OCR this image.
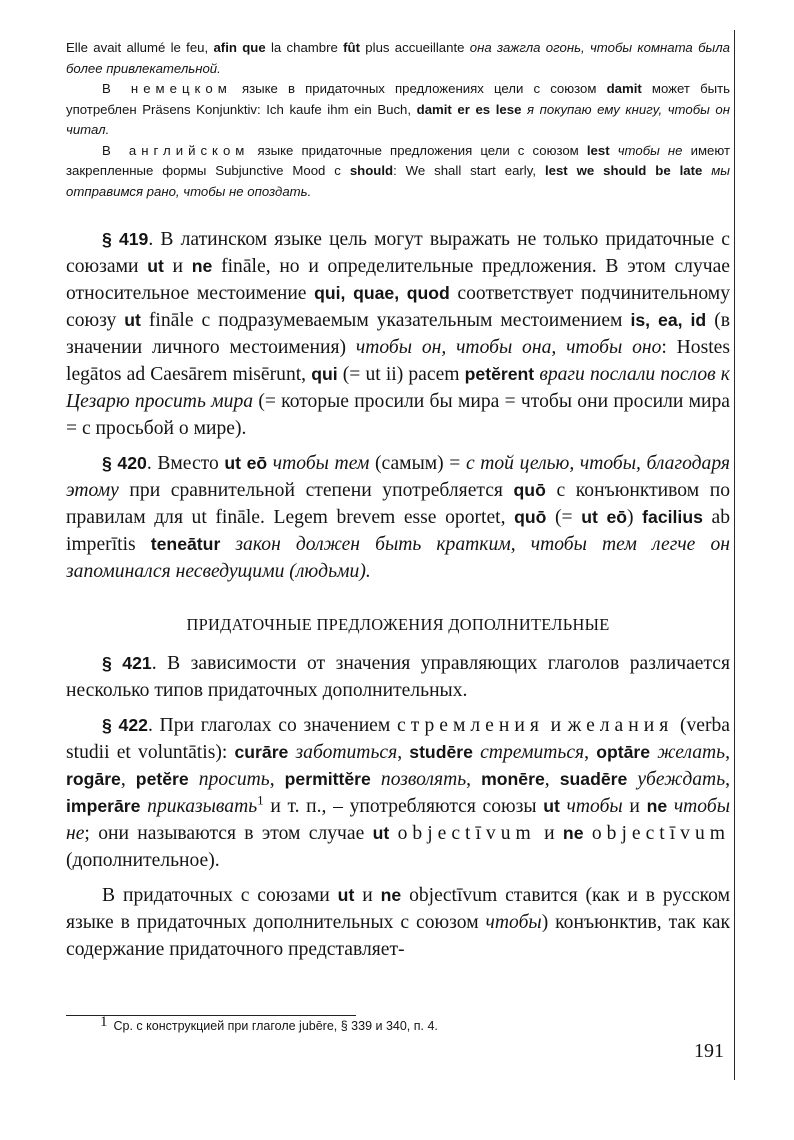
Elle avait allumé le feu, afin que la chambre fût plus accueillante она зажгла огонь, чтобы комната была более привлекательной.

В немецком языке в придаточных предложениях цели с союзом damit может быть употреблен Präsens Konjunktiv: Ich kaufe ihm ein Buch, damit er es lese я покупаю ему книгу, чтобы он читал.

В английском языке придаточные предложения цели с союзом lest чтобы не имеют закрепленные формы Subjunctive Mood с should: We shall start early, lest we should be late мы отправимся рано, чтобы не опоздать.

§ 419. В латинском языке цель могут выражать не только придаточные с союзами ut и ne finālе, но и определительные предложения. В этом случае относительное местоимение qui, quae, quod соответствует подчинительному союзу ut finālе с подразумеваемым указательным местоимением is, ea, id (в значении личного местоимения) чтобы он, чтобы она, чтобы оно: Hostes legātos ad Caesārem misērunt, qui (= ut ii) pacem petĕrent враги послали послов к Цезарю просить мира (= которые просили бы мира = чтобы они просили мира = с просьбой о мире).

§ 420. Вместо ut eō чтобы тем (самым) = с той целью, чтобы, благодаря этому при сравнительной степени употребляется quō с конъюнктивом по правилам для ut finālе. Legem brevem esse oportet, quō (= ut eō) facilius ab imperītis teneātur закон должен быть кратким, чтобы тем легче он запоминался несведущими (людьми).

ПРИДАТОЧНЫЕ ПРЕДЛОЖЕНИЯ ДОПОЛНИТЕЛЬНЫЕ

§ 421. В зависимости от значения управляющих глаголов различается несколько типов придаточных дополнительных.

§ 422. При глаголах со значением стремления и желания (verba studii et voluntātis): curāre заботиться, studēre стремиться, optāre желать, rogāre, petĕre просить, permittĕre позволять, monēre, suadēre убеждать, imperāre приказывать$^1$ и т. п., – употребляются союзы ut чтобы и ne чтобы не; они называются в этом случае ut objectīvum и ne objectīvum (дополнительное).

В придаточных с союзами ut и ne objectīvum ставится (как и в русском языке в придаточных дополнительных с союзом чтобы) конъюнктив, так как содержание придаточного представляет-

$^1$ Ср. с конструкцией при глаголе jubēre, § 339 и 340, п. 4.
191
